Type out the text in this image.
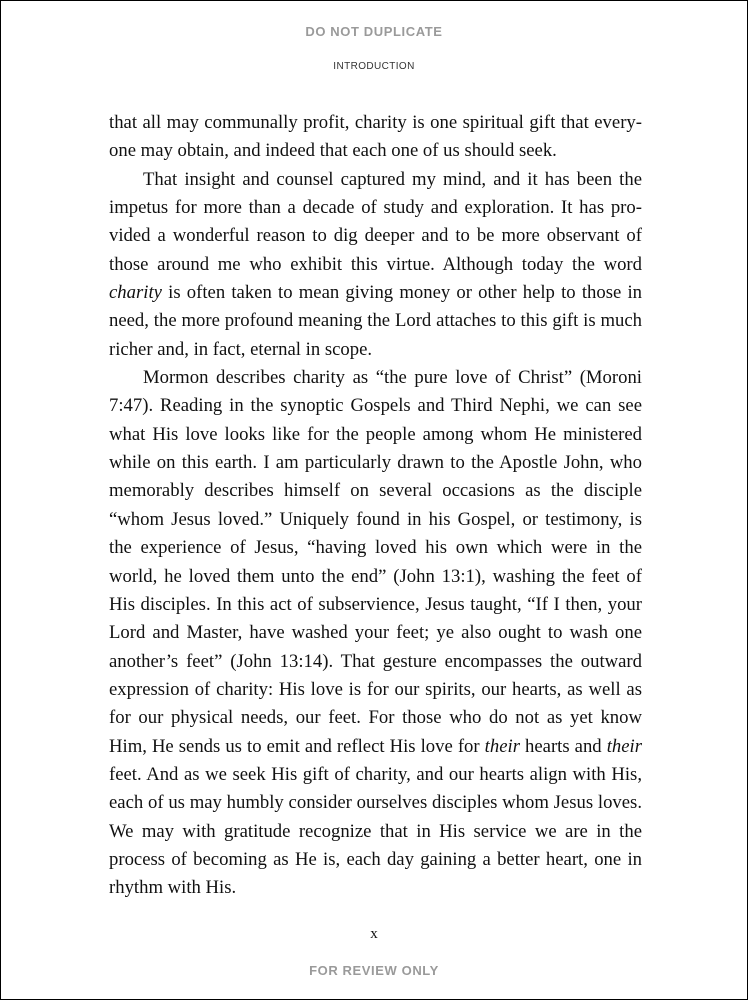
DO NOT DUPLICATE
INTRODUCTION

that all may communally profit, charity is one spiritual gift that everyone may obtain, and indeed that each one of us should seek.

That insight and counsel captured my mind, and it has been the impetus for more than a decade of study and exploration. It has provided a wonderful reason to dig deeper and to be more observant of those around me who exhibit this virtue. Although today the word charity is often taken to mean giving money or other help to those in need, the more profound meaning the Lord attaches to this gift is much richer and, in fact, eternal in scope.

Mormon describes charity as “the pure love of Christ” (Moroni 7:47). Reading in the synoptic Gospels and Third Nephi, we can see what His love looks like for the people among whom He ministered while on this earth. I am particularly drawn to the Apostle John, who memorably describes himself on several occasions as the disciple “whom Jesus loved.” Uniquely found in his Gospel, or testimony, is the experience of Jesus, “having loved his own which were in the world, he loved them unto the end” (John 13:1), washing the feet of His disciples. In this act of subservience, Jesus taught, “If I then, your Lord and Master, have washed your feet; ye also ought to wash one another’s feet” (John 13:14). That gesture encompasses the outward expression of charity: His love is for our spirits, our hearts, as well as for our physical needs, our feet. For those who do not as yet know Him, He sends us to emit and reflect His love for their hearts and their feet. And as we seek His gift of charity, and our hearts align with His, each of us may humbly consider ourselves disciples whom Jesus loves. We may with gratitude recognize that in His service we are in the process of becoming as He is, each day gaining a better heart, one in rhythm with His.

x
FOR REVIEW ONLY
